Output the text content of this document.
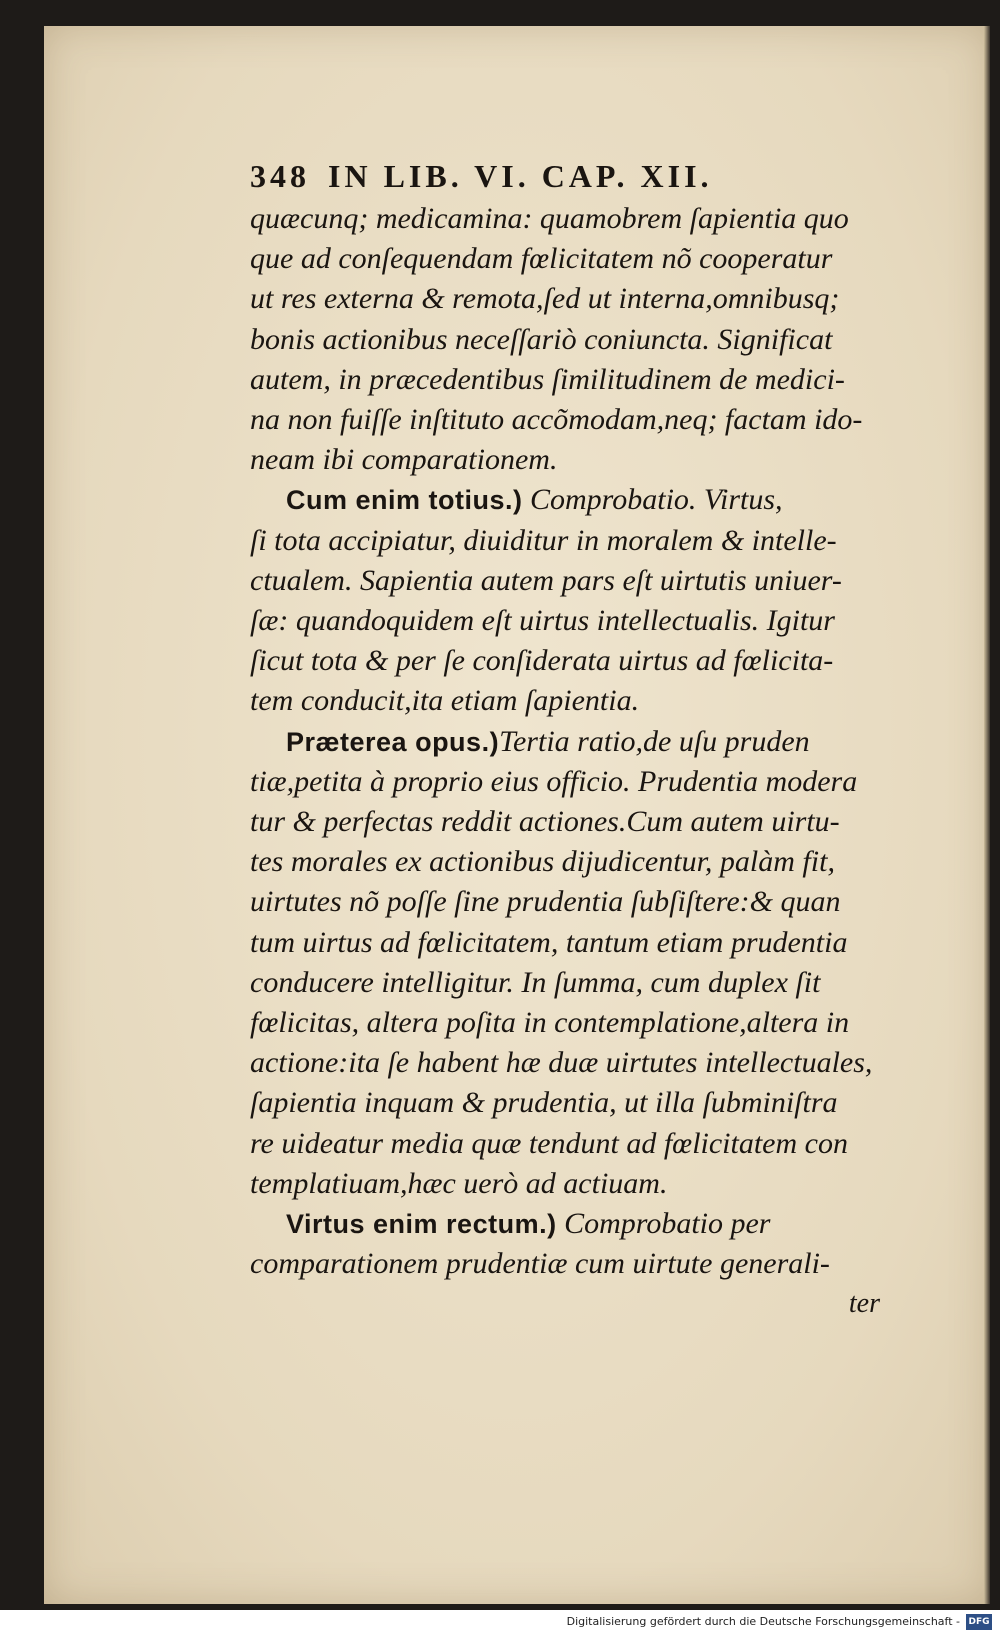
348 IN LIB. VI. CAP. XII.
quæcunq; medicamina: quamobrem ſapientia quo
que ad conſequendam fœlicitatem nõ cooperatur
ut res externa & remota,ſed ut interna,omnibusq;
bonis actionibus neceſſariò coniuncta. Significat
autem, in præcedentibus ſimilitudinem de medici-
na non fuiſſe inſtituto accõmodam,neq; factam ido-
neam ibi comparationem.
Cum enim totius.) Comprobatio. Virtus,
ſi tota accipiatur, diuiditur in moralem & intelle-
ctualem. Sapientia autem pars eſt uirtutis uniuer-
ſæ: quandoquidem eſt uirtus intellectualis. Igitur
ſicut tota & per ſe conſiderata uirtus ad fœlicita-
tem conducit,ita etiam ſapientia.
Præterea opus.)Tertia ratio,de uſu pruden
tiæ,petita à proprio eius officio. Prudentia modera
tur & perfectas reddit actiones.Cum autem uirtu-
tes morales ex actionibus dijudicentur, palàm fit,
uirtutes nõ poſſe ſine prudentia ſubſiſtere:& quan
tum uirtus ad fœlicitatem, tantum etiam prudentia
conducere intelligitur. In ſumma, cum duplex ſit
fœlicitas, altera poſita in contemplatione,altera in
actione:ita ſe habent hæ duæ uirtutes intellectuales,
ſapientia inquam & prudentia, ut illa ſubminiſtra
re uideatur media quæ tendunt ad fœlicitatem con
templatiuam,hæc uerò ad actiuam.
Virtus enim rectum.) Comprobatio per
comparationem prudentiæ cum uirtute generali-
ter
Digitalisierung gefördert durch die Deutsche Forschungsgemeinschaft - DFG
